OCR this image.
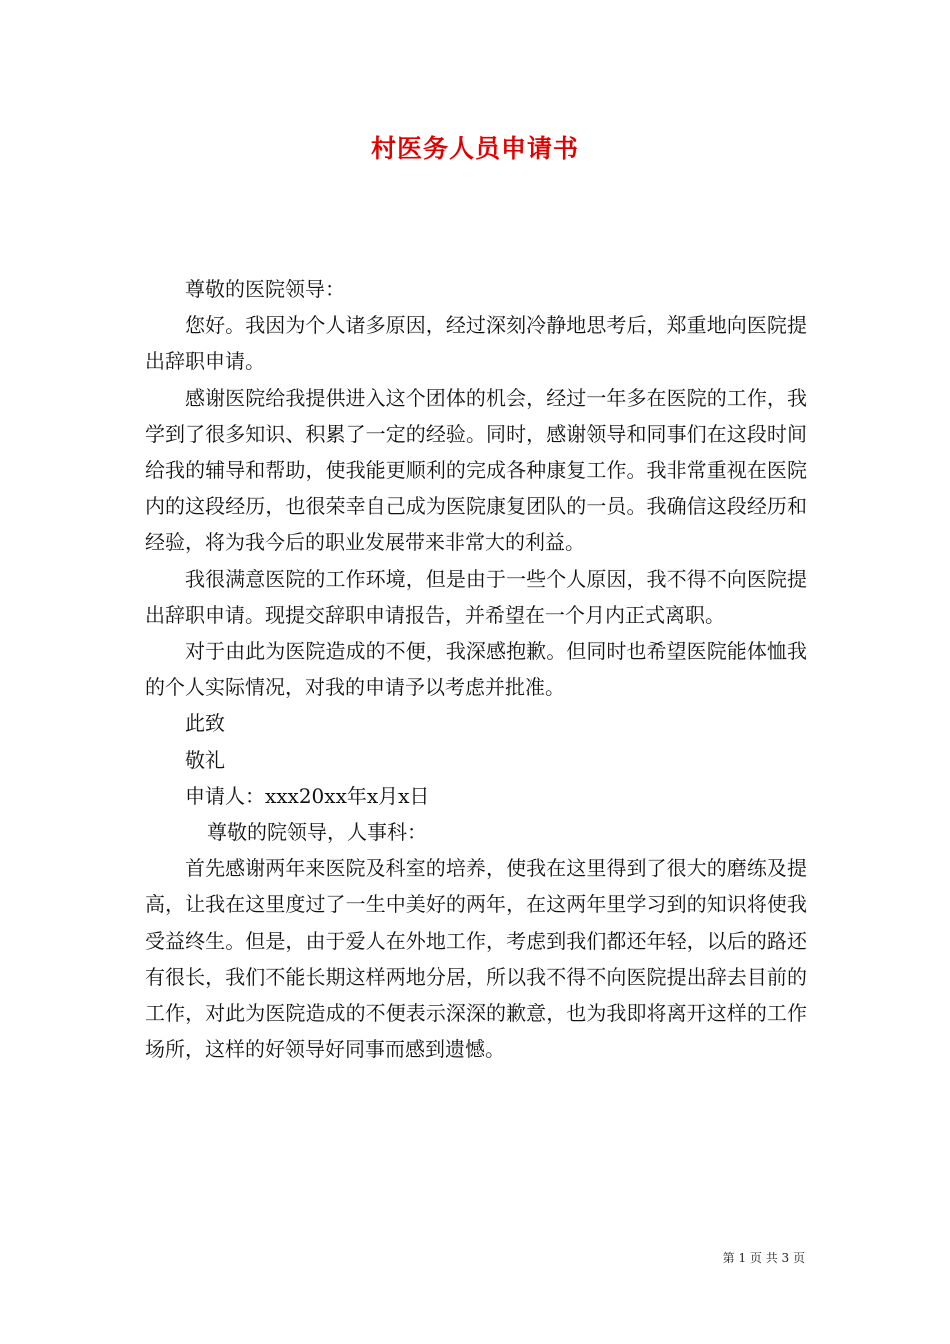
村医务人员申请书

尊敬的医院领导：

您好。我因为个人诸多原因，经过深刻冷静地思考后，郑重地向医院提出辞职申请。

感谢医院给我提供进入这个团体的机会，经过一年多在医院的工作，我学到了很多知识、积累了一定的经验。同时，感谢领导和同事们在这段时间给我的辅导和帮助，使我能更顺利的完成各种康复工作。我非常重视在医院内的这段经历，也很荣幸自己成为医院康复团队的一员。我确信这段经历和经验，将为我今后的职业发展带来非常大的利益。

我很满意医院的工作环境，但是由于一些个人原因，我不得不向医院提出辞职申请。现提交辞职申请报告，并希望在一个月内正式离职。

对于由此为医院造成的不便，我深感抱歉。但同时也希望医院能体恤我的个人实际情况，对我的申请予以考虑并批准。

此致

敬礼

申请人：xxx20xx年x月x日

尊敬的院领导，人事科：

首先感谢两年来医院及科室的培养，使我在这里得到了很大的磨练及提高，让我在这里度过了一生中美好的两年，在这两年里学习到的知识将使我受益终生。但是，由于爱人在外地工作，考虑到我们都还年轻，以后的路还有很长，我们不能长期这样两地分居，所以我不得不向医院提出辞去目前的工作，对此为医院造成的不便表示深深的歉意，也为我即将离开这样的工作场所，这样的好领导好同事而感到遗憾。

第 1 页 共 3 页
